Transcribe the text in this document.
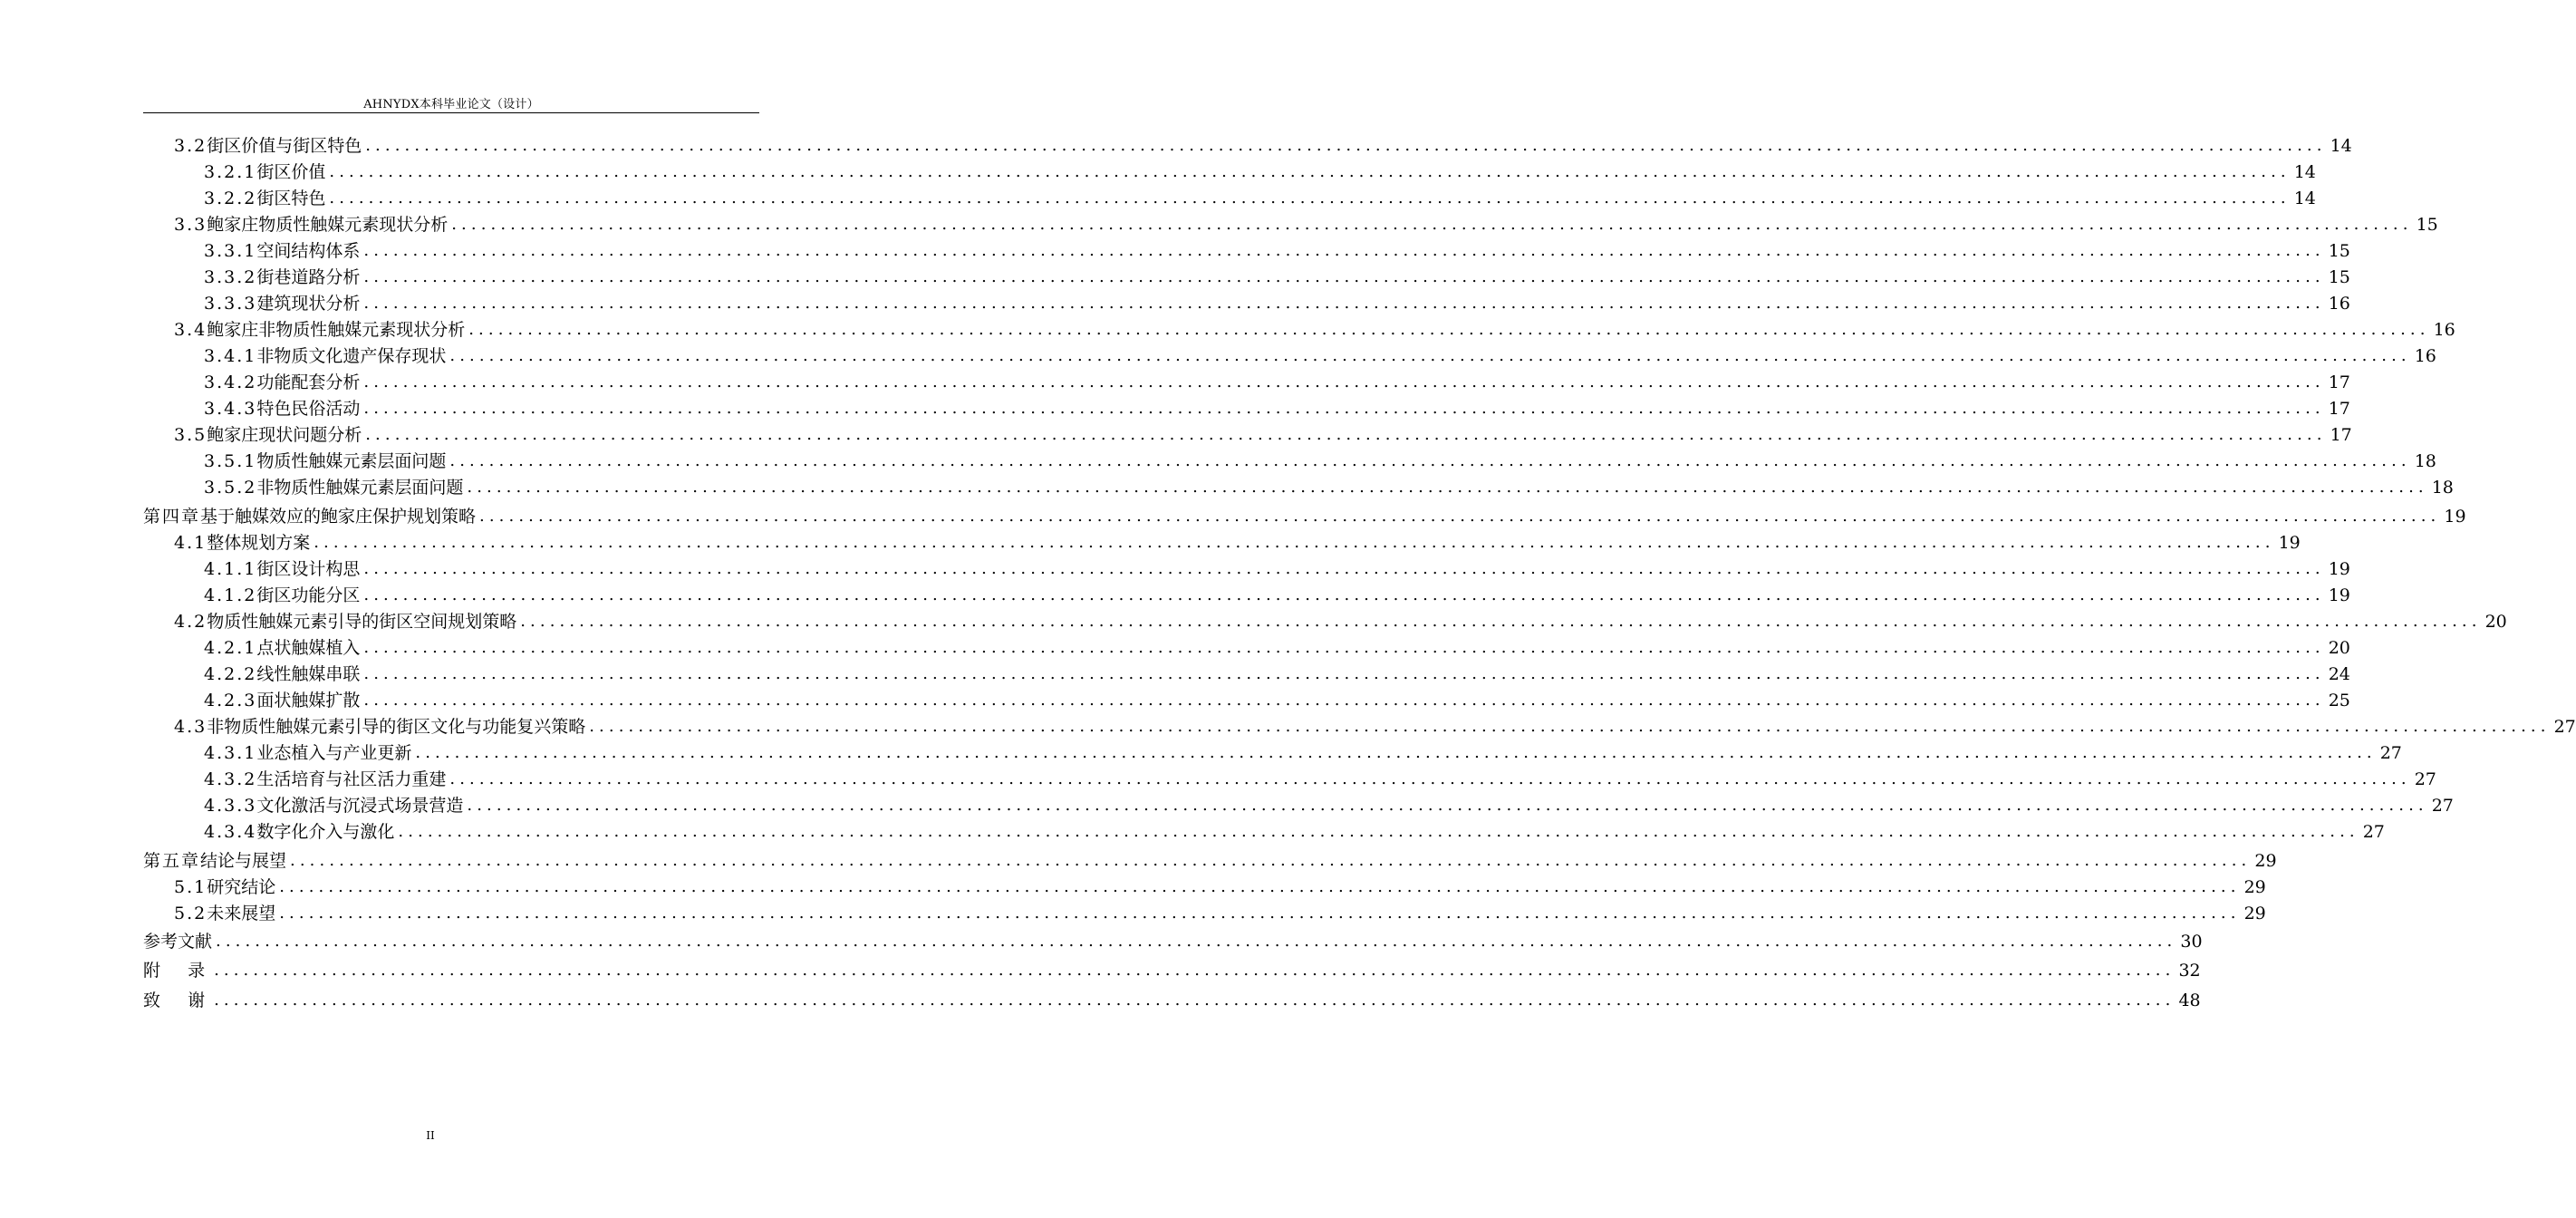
AHNYDX本科毕业论文（设计）
3.2 街区价值与街区特色 ........................................................................................................................................................................................................ 14
3.2.1 街区价值 ........................................................................................................................................................................................................ 14
3.2.2 街区特色 ........................................................................................................................................................................................................ 14
3.3 鲍家庄物质性触媒元素现状分析 ........................................................................................................................................................................................................ 15
3.3.1 空间结构体系 ........................................................................................................................................................................................................ 15
3.3.2 街巷道路分析 ........................................................................................................................................................................................................ 15
3.3.3 建筑现状分析 ........................................................................................................................................................................................................ 16
3.4 鲍家庄非物质性触媒元素现状分析 ........................................................................................................................................................................................................ 16
3.4.1 非物质文化遗产保存现状 ........................................................................................................................................................................................................ 16
3.4.2 功能配套分析 ........................................................................................................................................................................................................ 17
3.4.3 特色民俗活动 ........................................................................................................................................................................................................ 17
3.5 鲍家庄现状问题分析 ........................................................................................................................................................................................................ 17
3.5.1 物质性触媒元素层面问题 ........................................................................................................................................................................................................ 18
3.5.2 非物质性触媒元素层面问题 ........................................................................................................................................................................................................ 18
第四章 基于触媒效应的鲍家庄保护规划策略 ........................................................................................................................................................................................................ 19
4.1 整体规划方案 ........................................................................................................................................................................................................ 19
4.1.1 街区设计构思 ........................................................................................................................................................................................................ 19
4.1.2 街区功能分区 ........................................................................................................................................................................................................ 19
4.2 物质性触媒元素引导的街区空间规划策略 ........................................................................................................................................................................................................ 20
4.2.1 点状触媒植入 ........................................................................................................................................................................................................ 20
4.2.2 线性触媒串联 ........................................................................................................................................................................................................ 24
4.2.3 面状触媒扩散 ........................................................................................................................................................................................................ 25
4.3 非物质性触媒元素引导的街区文化与功能复兴策略 ........................................................................................................................................................................................................ 27
4.3.1 业态植入与产业更新 ........................................................................................................................................................................................................ 27
4.3.2 生活培育与社区活力重建 ........................................................................................................................................................................................................ 27
4.3.3 文化激活与沉浸式场景营造 ........................................................................................................................................................................................................ 27
4.3.4 数字化介入与激化 ........................................................................................................................................................................................................ 27
第五章 结论与展望 ........................................................................................................................................................................................................ 29
5.1 研究结论 ........................................................................................................................................................................................................ 29
5.2 未来展望 ........................................................................................................................................................................................................ 29
参考文献 ........................................................................................................................................................................................................ 30
附  录 ........................................................................................................................................................................................................ 32
致  谢 ........................................................................................................................................................................................................ 48
II
